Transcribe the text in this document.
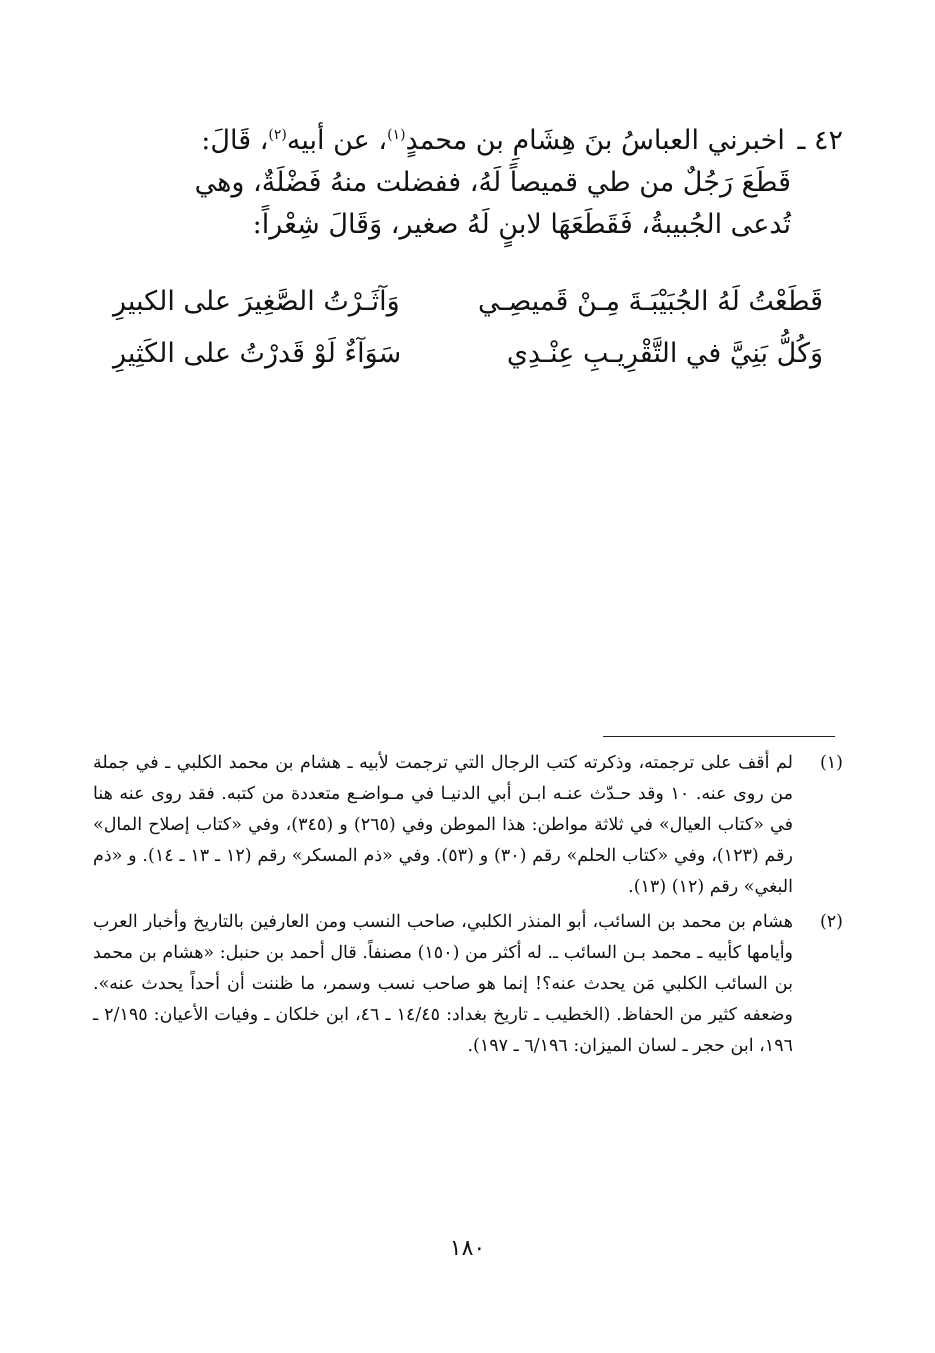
٤٢ ـ اخبرني العباسُ بنَ هِشَامِ بن محمدٍ$^{(١)}$، عن أبيه$^{(٢)}$، قَالَ:
قَطَعَ رَجُلٌ من طي قميصاً لَهُ، ففضلت منهُ فَضْلَةٌ، وهي
تُدعى الجُبيبةُ، فَقَطَعَهَا لابنٍ لَهُ صغير، وَقَالَ شِعْراً:
قَطَعْتُ لَهُ الجُبَيْبَـةَ مِـنْ قَميصِـي
وَآثَـرْتُ الصَّغِيرَ على الكبيرِ
وَكُلُّ بَنِيَّ في التَّقْرِيـبِ عِنْـدِي
سَوَآءٌ لَوْ قَدرْتُ على الكَثِيرِ
(١)
لم أقف على ترجمته، وذكرته كتب الرجال التي ترجمت لأبيه ـ هشام بن محمد الكلبي ـ في جملة من روى عنه. ١٠ وقد حـدّث عنـه ابـن أبي الدنيـا في مـواضـع متعددة من كتبه. فقد روى عنه هنا في «كتاب العيال» في ثلاثة مواطن: هذا الموطن وفي (٢٦٥) و (٣٤٥)، وفي «كتاب إصلاح المال» رقم (١٢٣)، وفي «كتاب الحلم» رقم (٣٠) و (٥٣). وفي «ذم المسكر» رقم (١٢ ـ ١٣ ـ ١٤). و «ذم البغي» رقم (١٢) (١٣).
(٢)
هشام بن محمد بن السائب، أبو المنذر الكلبي، صاحب النسب ومن العارفين بالتاريخ وأخبار العرب وأيامها كأبيه ـ محمد بـن السائب ـ. له أكثر من (١٥٠) مصنفاً. قال أحمد بن حنبل: «هشام بن محمد بن السائب الكلبي مَن يحدث عنه؟! إنما هو صاحب نسب وسمر، ما ظننت أن أحداً يحدث عنه». وضعفه كثير من الحفاظ. (الخطيب ـ تاريخ بغداد: ١٤/٤٥ ـ ٤٦، ابن خلكان ـ وفيات الأعيان: ٢/١٩٥ ـ ١٩٦، ابن حجر ـ لسان الميزان: ٦/١٩٦ ـ ١٩٧).
١٨٠
